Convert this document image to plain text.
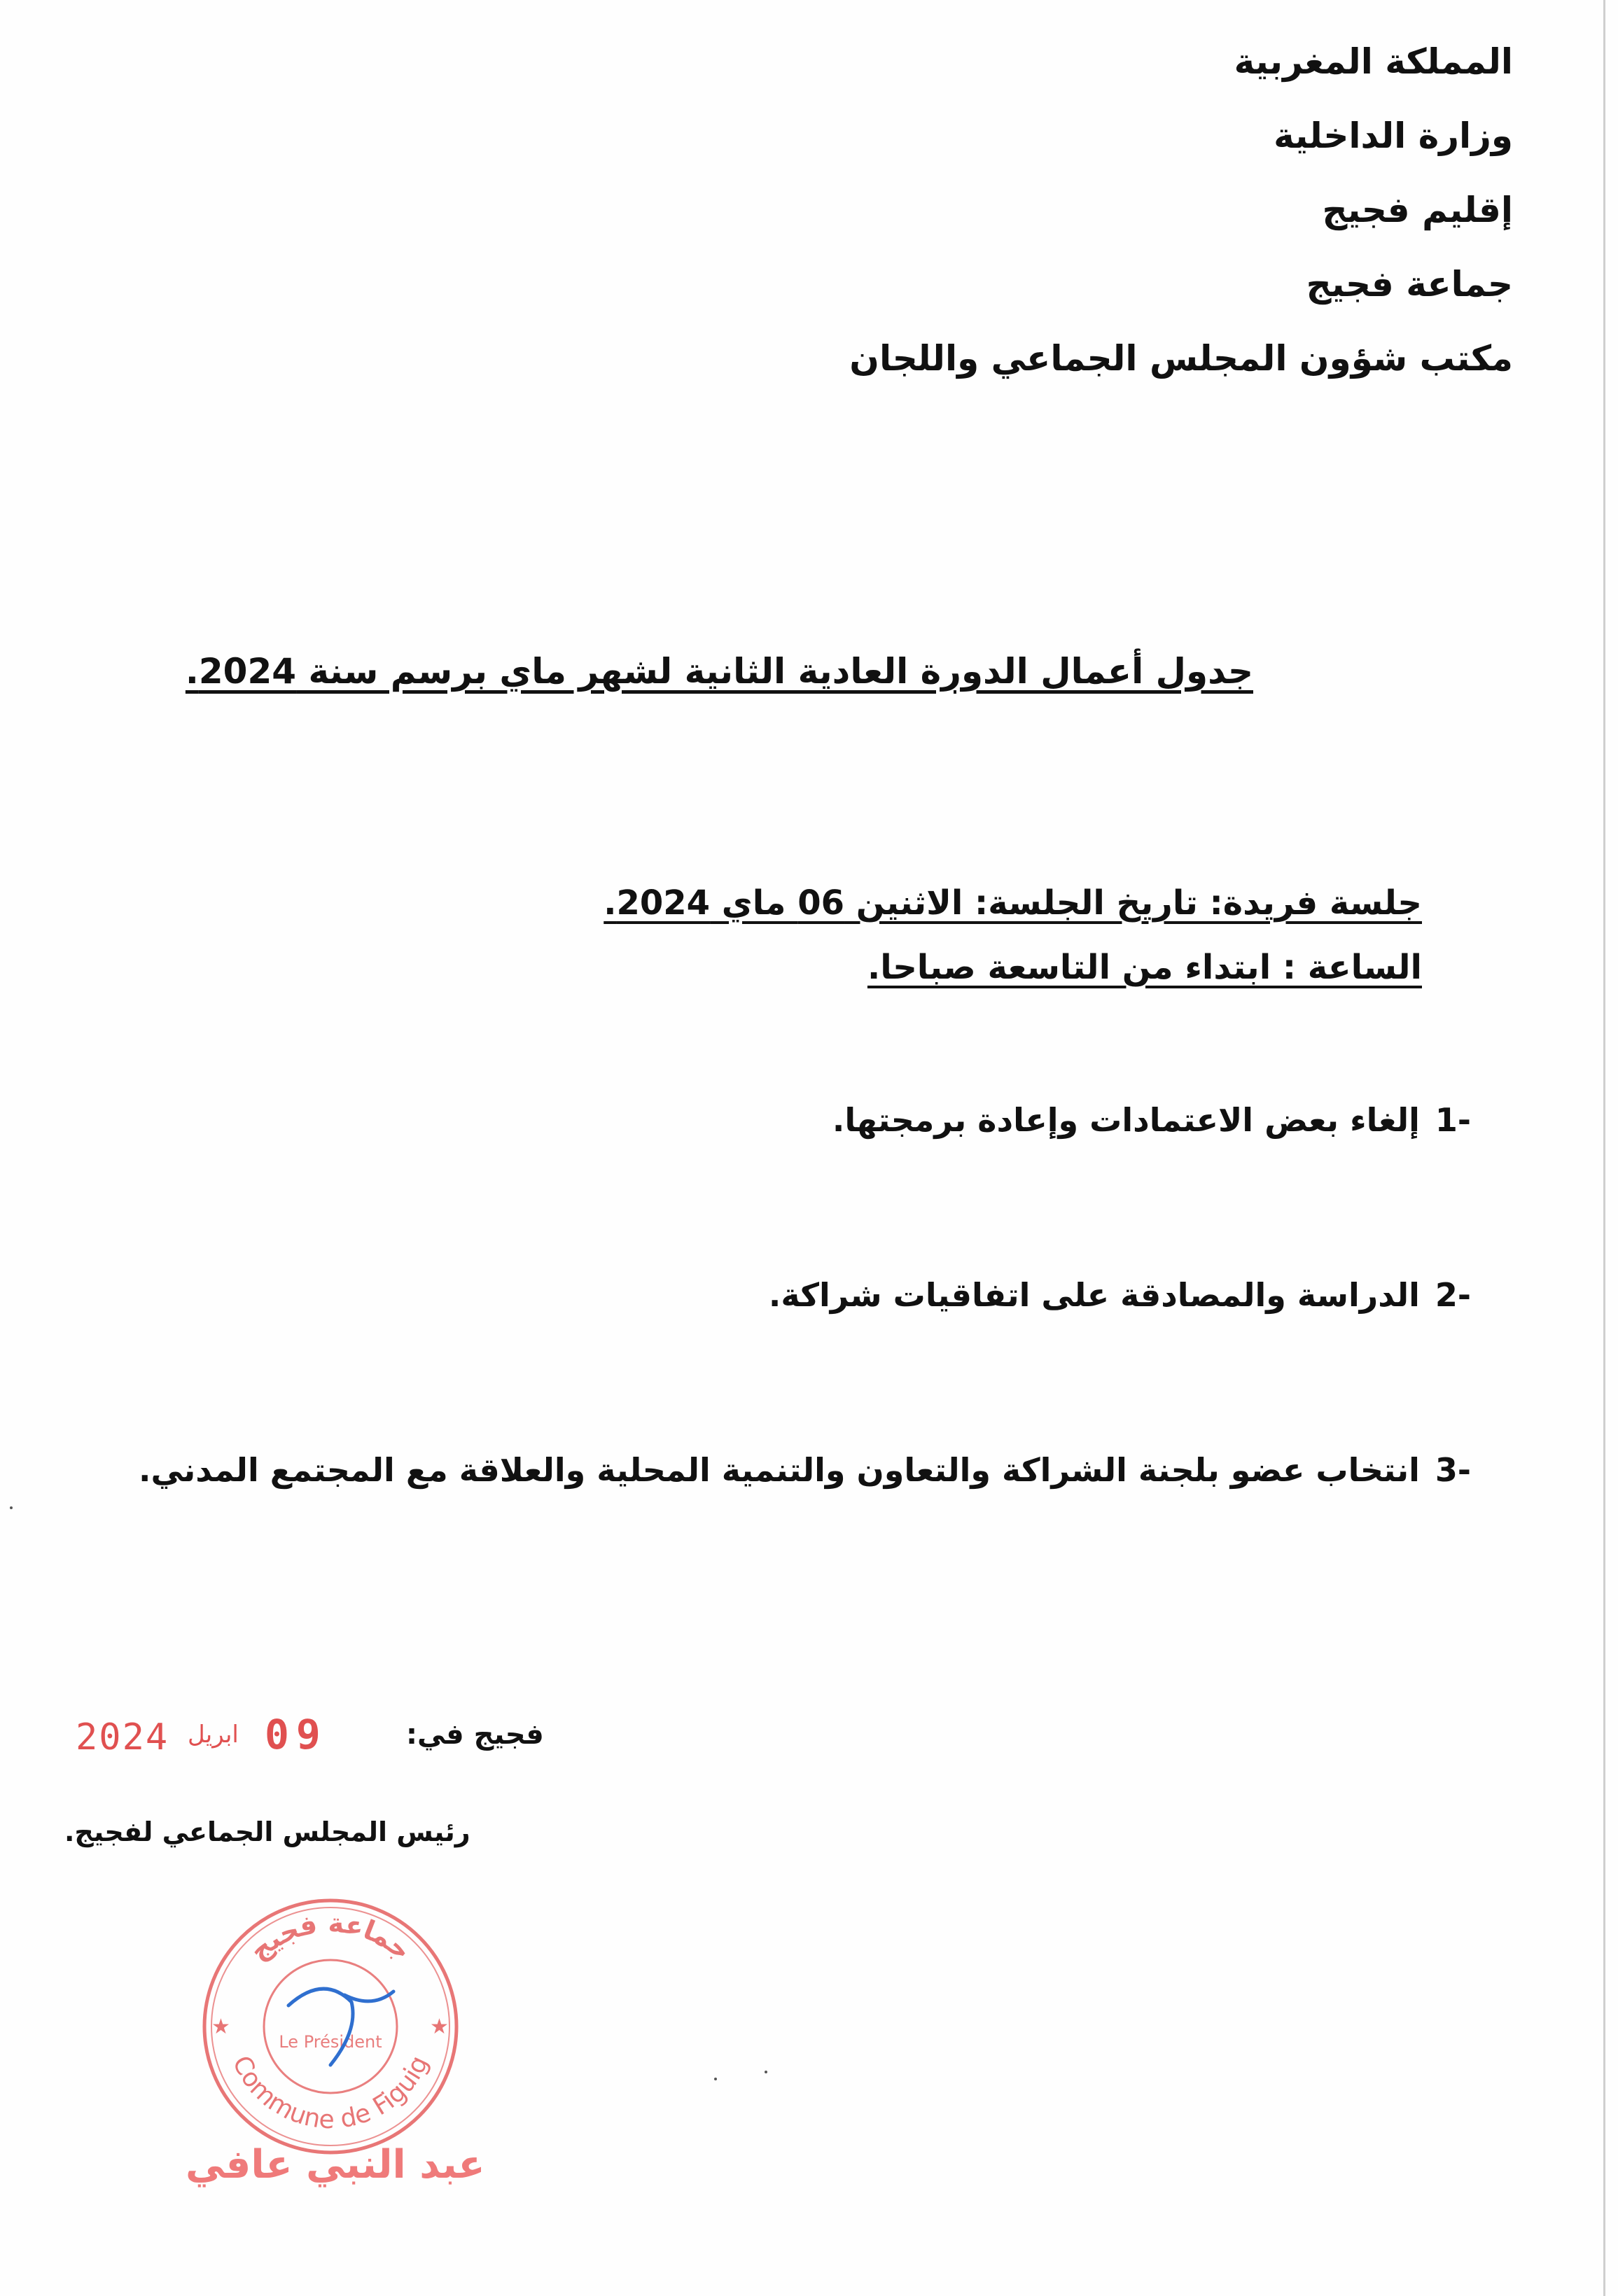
المملكة المغربية
وزارة الداخلية
إقليم فجيج
جماعة فجيج
مكتب شؤون المجلس الجماعي واللجان
جدول أعمال الدورة العادية الثانية لشهر ماي برسم سنة 2024.
جلسة فريدة: تاريخ الجلسة: الاثنين 06 ماي 2024.
الساعة : ابتداء من التاسعة صباحا.
-1إلغاء بعض الاعتمادات وإعادة برمجتها.
-2الدراسة والمصادقة على اتفاقيات شراكة.
-3انتخاب عضو بلجنة الشراكة والتعاون والتنمية المحلية والعلاقة مع المجتمع المدني.
فجيج في:
2024 ابريل 09
رئيس المجلس الجماعي لفجيج.
جماعة فجيج
Commune de Figuig
★	★
Le Président
عبد النبي عافي
